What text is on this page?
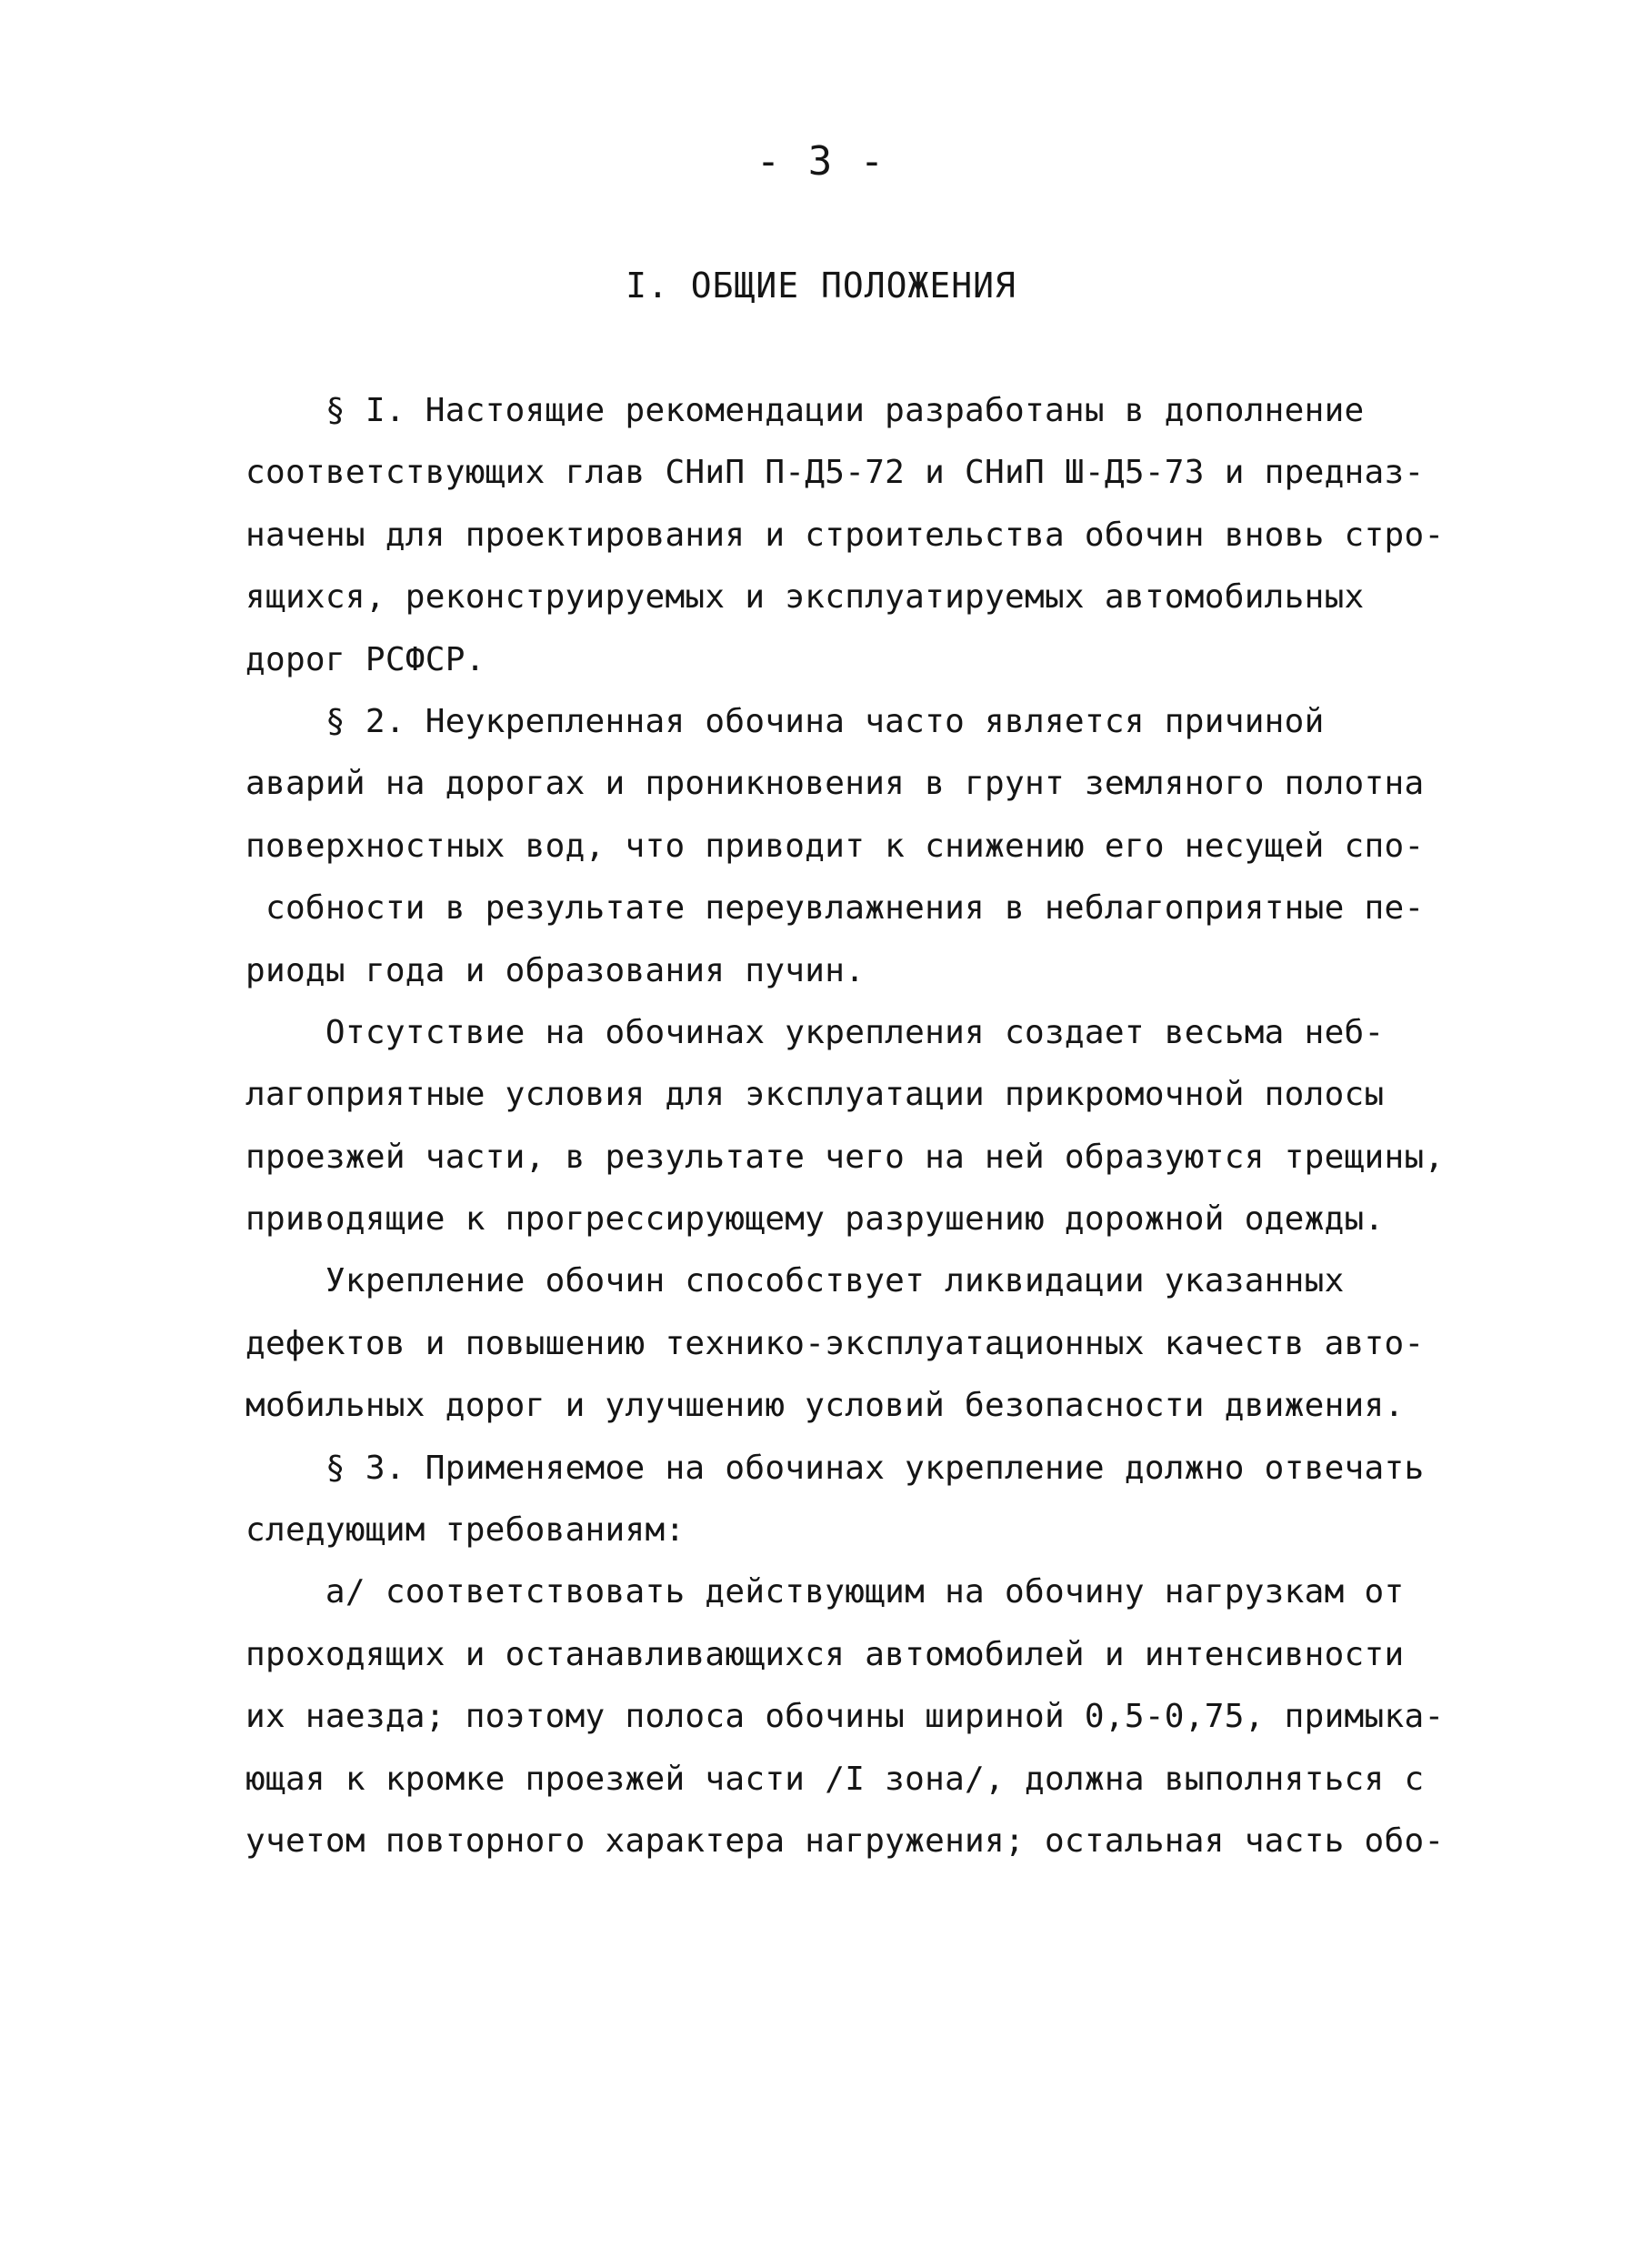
- 3 -
I. ОБЩИЕ ПОЛОЖЕНИЯ
§ I. Настоящие рекомендации разработаны в дополнение
соответствующих глав СНиП П-Д5-72 и СНиП Ш-Д5-73 и предназ-
начены для проектирования и строительства обочин вновь стро-
ящихся, реконструируемых и эксплуатируемых автомобильных
дорог РСФСР.
§ 2. Неукрепленная обочина часто является причиной
аварий на дорогах и проникновения в грунт земляного полотна
поверхностных вод, что приводит к снижению его несущей спо-
собности в результате переувлажнения в неблагоприятные пе-
риоды года и образования пучин.
Отсутствие на обочинах укрепления создает весьма неб-
лагоприятные условия для эксплуатации прикромочной полосы
проезжей части, в результате чего на ней образуются трещины,
приводящие к прогрессирующему разрушению дорожной одежды.
Укрепление обочин способствует ликвидации указанных
дефектов и повышению технико-эксплуатационных качеств авто-
мобильных дорог и улучшению условий безопасности движения.
§ 3. Применяемое на обочинах укрепление должно отвечать
следующим требованиям:
а/ соответствовать действующим на обочину нагрузкам от
проходящих и останавливающихся автомобилей и интенсивности
их наезда; поэтому полоса обочины шириной 0,5-0,75, примыка-
ющая к кромке проезжей части /I зона/, должна выполняться с
учетом повторного характера нагружения; остальная часть обо-
